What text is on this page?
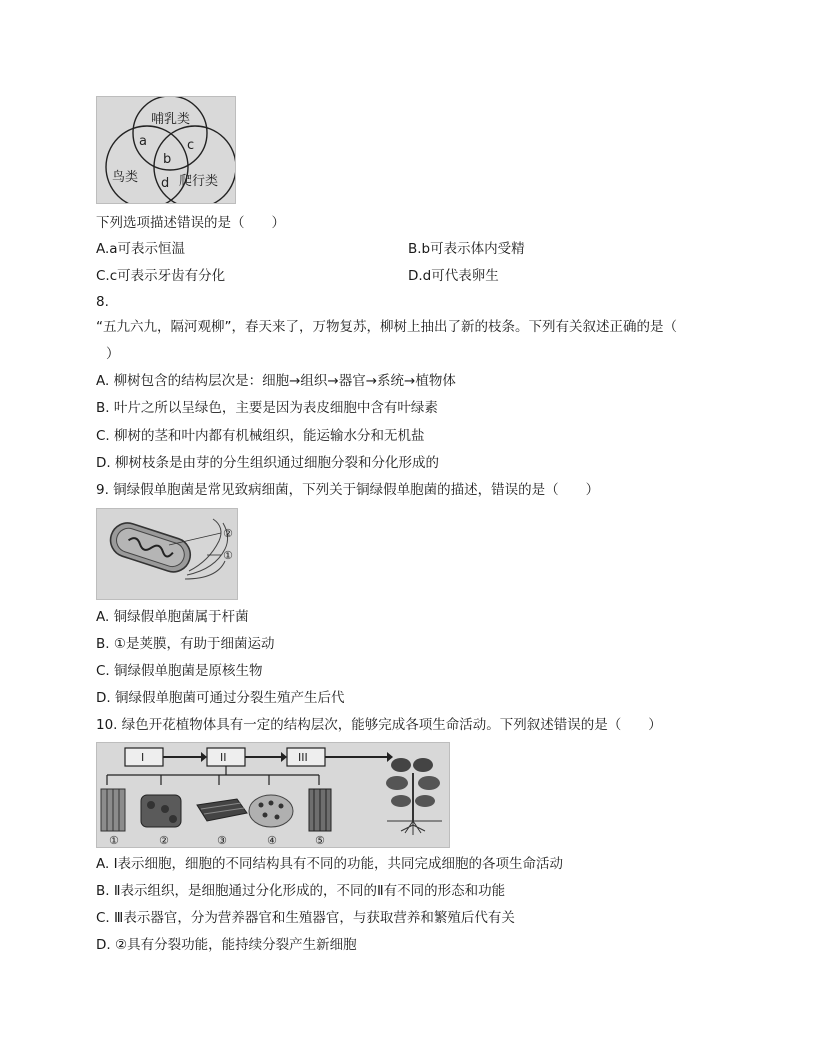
哺乳类
鸟类	爬行类
a
b
c
d
下列选项描述错误的是（　　）
A.a可表示恒温	B.b可表示体内受精
C.c可表示牙齿有分化	D.d可代表卵生
8.
“五九六九，隔河观柳”，春天来了，万物复苏，柳树上抽出了新的枝条。下列有关叙述正确的是（
）
A. 柳树包含的结构层次是：细胞→组织→器官→系统→植物体
B. 叶片之所以呈绿色，主要是因为表皮细胞中含有叶绿素
C. 柳树的茎和叶内都有机械组织，能运输水分和无机盐
D. 柳树枝条是由芽的分生组织通过细胞分裂和分化形成的
9. 铜绿假单胞菌是常见致病细菌，下列关于铜绿假单胞菌的描述，错误的是（　　）
②
①
A. 铜绿假单胞菌属于杆菌
B. ①是荚膜，有助于细菌运动
C. 铜绿假单胞菌是原核生物
D. 铜绿假单胞菌可通过分裂生殖产生后代
10. 绿色开花植物体具有一定的结构层次，能够完成各项生命活动。下列叙述错误的是（　　）
I	II	III
①	②	③	④	⑤
A. Ⅰ表示细胞，细胞的不同结构具有不同的功能，共同完成细胞的各项生命活动
B. Ⅱ表示组织，是细胞通过分化形成的，不同的Ⅱ有不同的形态和功能
C. Ⅲ表示器官，分为营养器官和生殖器官，与获取营养和繁殖后代有关
D. ②具有分裂功能，能持续分裂产生新细胞
